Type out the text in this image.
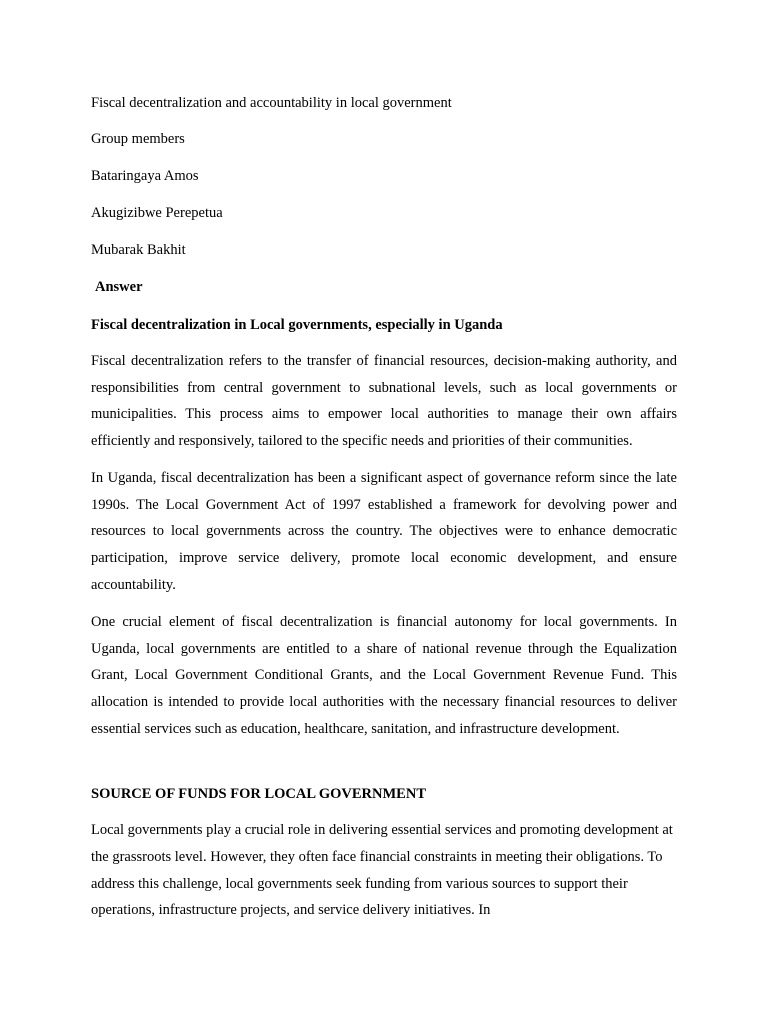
Fiscal decentralization and accountability in local government
Group members
Bataringaya Amos
Akugizibwe Perepetua
Mubarak Bakhit
Answer
Fiscal decentralization in Local governments, especially in Uganda
Fiscal decentralization refers to the transfer of financial resources, decision-making authority, and responsibilities from central government to subnational levels, such as local governments or municipalities. This process aims to empower local authorities to manage their own affairs efficiently and responsively, tailored to the specific needs and priorities of their communities.
In Uganda, fiscal decentralization has been a significant aspect of governance reform since the late 1990s. The Local Government Act of 1997 established a framework for devolving power and resources to local governments across the country. The objectives were to enhance democratic participation, improve service delivery, promote local economic development, and ensure accountability.
One crucial element of fiscal decentralization is financial autonomy for local governments. In Uganda, local governments are entitled to a share of national revenue through the Equalization Grant, Local Government Conditional Grants, and the Local Government Revenue Fund. This allocation is intended to provide local authorities with the necessary financial resources to deliver essential services such as education, healthcare, sanitation, and infrastructure development.
SOURCE OF FUNDS FOR LOCAL GOVERNMENT
Local governments play a crucial role in delivering essential services and promoting development at the grassroots level. However, they often face financial constraints in meeting their obligations. To address this challenge, local governments seek funding from various sources to support their operations, infrastructure projects, and service delivery initiatives. In
